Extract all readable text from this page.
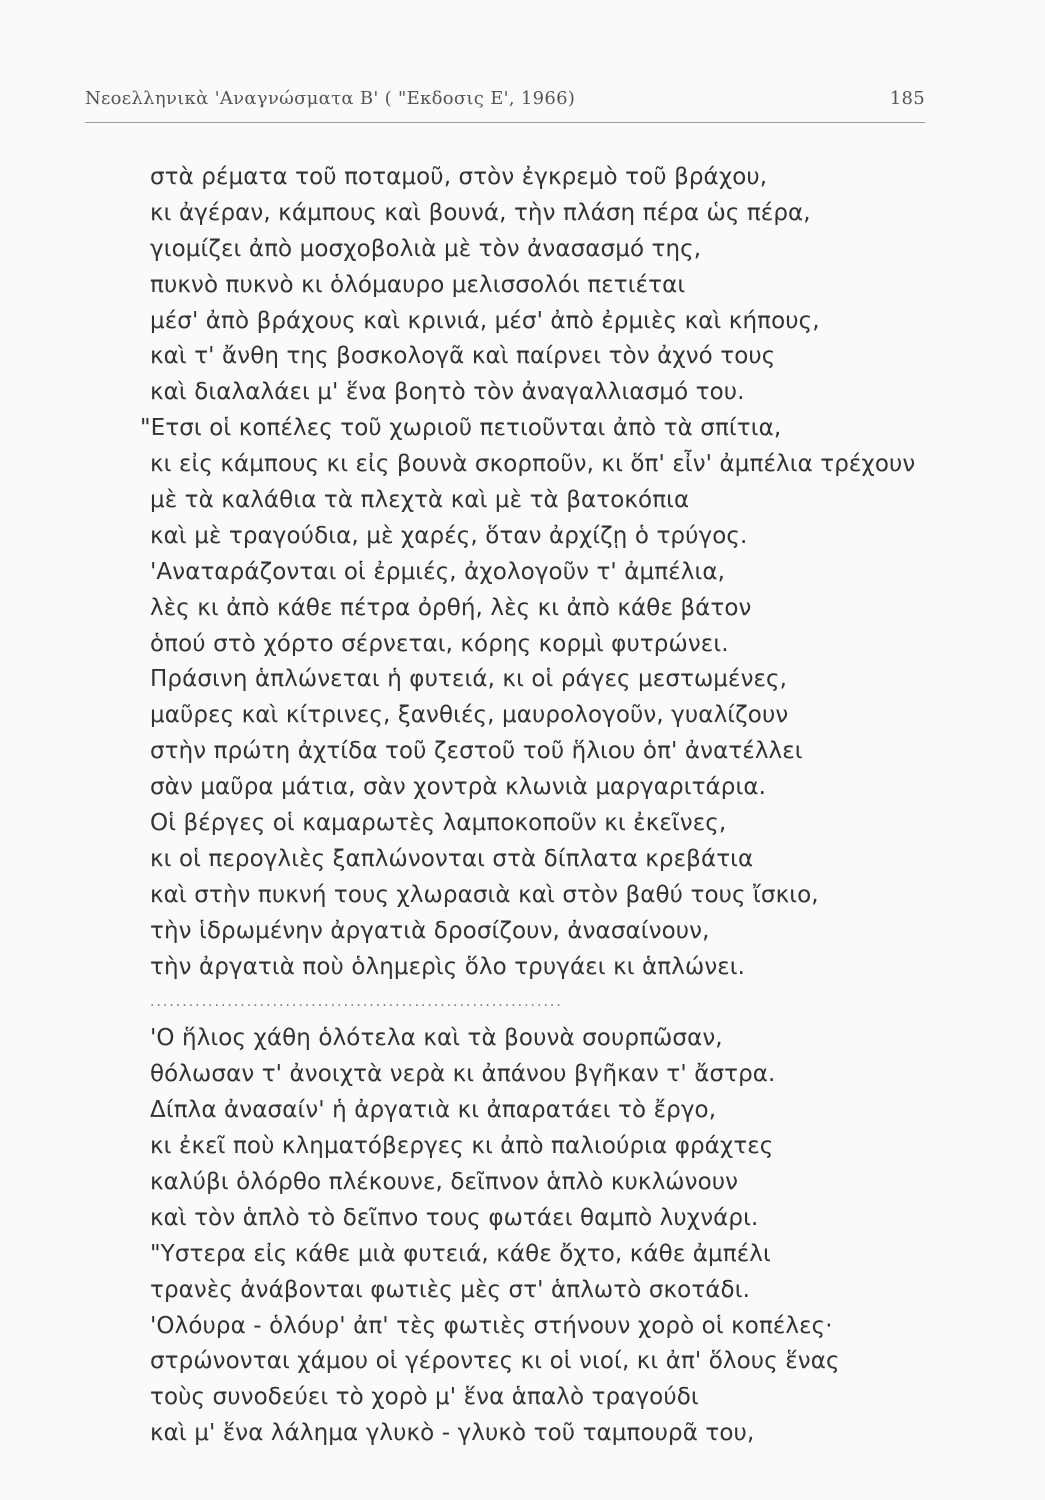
Νεοελληνικὰ 'Αναγνώσματα Β' ( "Εκδοσις Ε', 1966)	185
στὰ ρέματα τοῦ ποταμοῦ, στὸν ἐγκρεμὸ τοῦ βράχου,
κι ἀγέραν, κάμπους καὶ βουνά, τὴν πλάση πέρα ὡς πέρα,
γιομίζει ἀπὸ μοσχοβολιὰ μὲ τὸν ἀνασασμό της,
πυκνὸ πυκνὸ κι ὁλόμαυρο μελισσολόι πετιέται
μέσ' ἀπὸ βράχους καὶ κρινιά, μέσ' ἀπὸ ἐρμιὲς καὶ κήπους,
καὶ τ' ἄνθη της βοσκολογᾶ καὶ παίρνει τὸν ἀχνό τους
καὶ διαλαλάει μ' ἕνα βοητὸ τὸν ἀναγαλλιασμό του.
"Ετσι οἱ κοπέλες τοῦ χωριοῦ πετιοῦνται ἀπὸ τὰ σπίτια,
κι εἰς κάμπους κι εἰς βουνὰ σκορποῦν, κι ὅπ' εἶν' ἀμπέλια τρέχουν
μὲ τὰ καλάθια τὰ πλεχτὰ καὶ μὲ τὰ βατοκόπια
καὶ μὲ τραγούδια, μὲ χαρές, ὅταν ἀρχίζῃ ὁ τρύγος.
'Αναταράζονται οἱ ἐρμιές, ἀχολογοῦν τ' ἀμπέλια,
λὲς κι ἀπὸ κάθε πέτρα ὀρθή, λὲς κι ἀπὸ κάθε βάτον
ὁπού στὸ χόρτο σέρνεται, κόρης κορμὶ φυτρώνει.
Πράσινη ἁπλώνεται ἡ φυτειά, κι οἱ ράγες μεστωμένες,
μαῦρες καὶ κίτρινες, ξανθιές, μαυρολογοῦν, γυαλίζουν
στὴν πρώτη ἀχτίδα τοῦ ζεστοῦ τοῦ ἥλιου ὁπ' ἀνατέλλει
σὰν μαῦρα μάτια, σὰν χοντρὰ κλωνιὰ μαργαριτάρια.
Οἱ βέργες οἱ καμαρωτὲς λαμποκοποῦν κι ἐκεῖνες,
κι οἱ περογλιὲς ξαπλώνονται στὰ δίπλατα κρεβάτια
καὶ στὴν πυκνή τους χλωρασιὰ καὶ στὸν βαθύ τους ἴσκιο,
τὴν ἱδρωμένην ἀργατιὰ δροσίζουν, ἀνασαίνουν,
τὴν ἀργατιὰ ποὺ ὁλημερὶς ὅλο τρυγάει κι ἁπλώνει.
................................................................
'Ο ἥλιος χάθη ὁλότελα καὶ τὰ βουνὰ σουρπῶσαν,
θόλωσαν τ' ἀνοιχτὰ νερὰ κι ἀπάνου βγῆκαν τ' ἄστρα.
Δίπλα ἀνασαίν' ἡ ἀργατιὰ κι ἀπαρατάει τὸ ἔργο,
κι ἐκεῖ ποὺ κληματόβεργες κι ἀπὸ παλιούρια φράχτες
καλύβι ὁλόρθο πλέκουνε, δεῖπνον ἁπλὸ κυκλώνουν
καὶ τὸν ἁπλὸ τὸ δεῖπνο τους φωτάει θαμπὸ λυχνάρι.
"Υστερα εἰς κάθε μιὰ φυτειά, κάθε ὄχτο, κάθε ἀμπέλι
τρανὲς ἀνάβονται φωτιὲς μὲς στ' ἁπλωτὸ σκοτάδι.
'Ολόυρα - ὁλόυρ' ἀπ' τὲς φωτιὲς στήνουν χορὸ οἱ κοπέλες·
στρώνονται χάμου οἱ γέροντες κι οἱ νιοί, κι ἀπ' ὅλους ἕνας
τοὺς συνοδεύει τὸ χορὸ μ' ἕνα ἁπαλὸ τραγούδι
καὶ μ' ἕνα λάλημα γλυκὸ - γλυκὸ τοῦ ταμπουρᾶ του,
